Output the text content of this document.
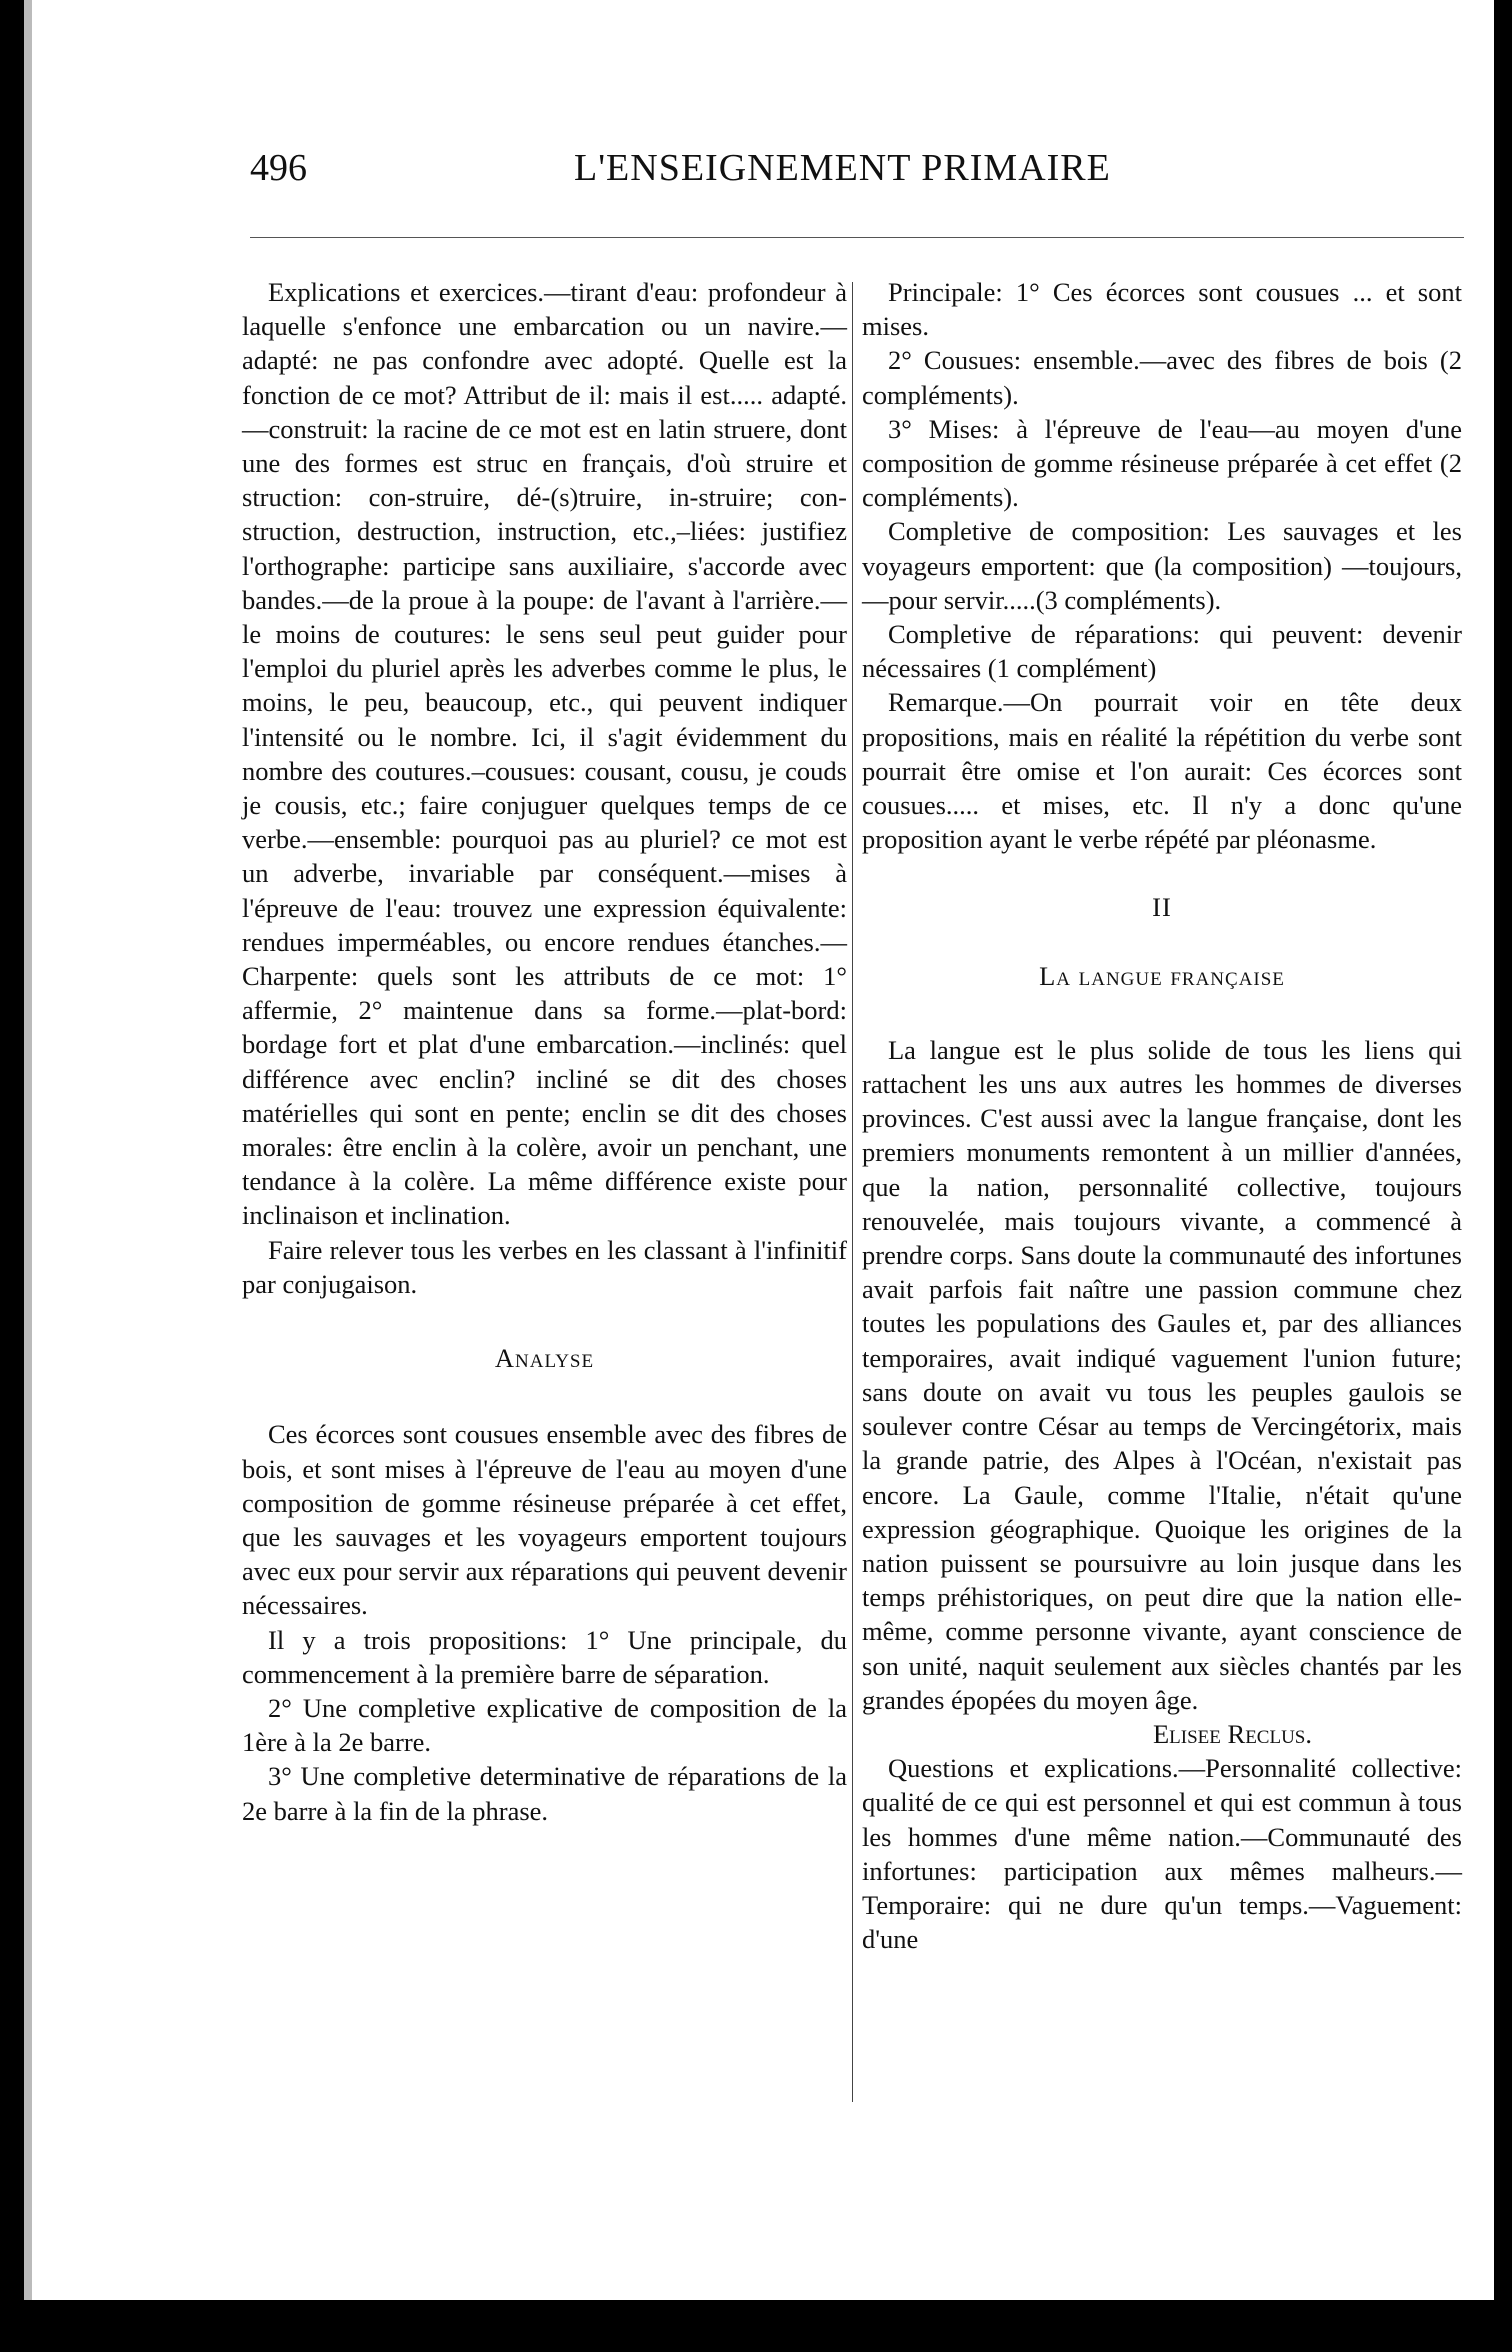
496	L'ENSEIGNEMENT PRIMAIRE

Explications et exercices.—tirant d'eau: profondeur à laquelle s'enfonce une embarcation ou un navire.—adapté: ne pas confondre avec adopté. Quelle est la fonction de ce mot? Attribut de il: mais il est..... adapté.—construit: la racine de ce mot est en latin struere, dont une des formes est struc en français, d'où struire et struction: con-struire, dé-(s)truire, in-struire; con-struction, destruction, instruction, etc.,–liées: justifiez l'orthographe: participe sans auxiliaire, s'accorde avec bandes.—de la proue à la poupe: de l'avant à l'arrière.—le moins de coutures: le sens seul peut guider pour l'emploi du pluriel après les adverbes comme le plus, le moins, le peu, beaucoup, etc., qui peuvent indiquer l'intensité ou le nombre. Ici, il s'agit évidemment du nombre des coutures.–cousues: cousant, cousu, je couds je cousis, etc.; faire conjuguer quelques temps de ce verbe.—ensemble: pourquoi pas au pluriel? ce mot est un adverbe, invariable par conséquent.—mises à l'épreuve de l'eau: trouvez une expression équivalente: rendues imperméables, ou encore rendues étanches.—Charpente: quels sont les attributs de ce mot: 1° affermie, 2° maintenue dans sa forme.—plat-bord: bordage fort et plat d'une embarcation.—inclinés: quel différence avec enclin? incliné se dit des choses matérielles qui sont en pente; enclin se dit des choses morales: être enclin à la colère, avoir un penchant, une tendance à la colère. La même différence existe pour inclinaison et inclination.

Faire relever tous les verbes en les classant à l'infinitif par conjugaison.

Analyse

Ces écorces sont cousues ensemble avec des fibres de bois, et sont mises à l'épreuve de l'eau au moyen d'une composition de gomme résineuse préparée à cet effet, que les sauvages et les voyageurs emportent toujours avec eux pour servir aux réparations qui peuvent devenir nécessaires.

Il y a trois propositions: 1° Une principale, du commencement à la première barre de séparation.

2° Une completive explicative de composition de la 1ère à la 2e barre.

3° Une completive determinative de réparations de la 2e barre à la fin de la phrase.

Principale: 1° Ces écorces sont cousues ... et sont mises.

2° Cousues: ensemble.—avec des fibres de bois (2 compléments).

3° Mises: à l'épreuve de l'eau—au moyen d'une composition de gomme résineuse préparée à cet effet (2 compléments).

Completive de composition: Les sauvages et les voyageurs emportent: que (la composition) —toujours,—pour servir.....(3 compléments).

Completive de réparations: qui peuvent: devenir nécessaires (1 complément)

Remarque.—On pourrait voir en tête deux propositions, mais en réalité la répétition du verbe sont pourrait être omise et l'on aurait: Ces écorces sont cousues..... et mises, etc. Il n'y a donc qu'une proposition ayant le verbe répété par pléonasme.

II

La langue française

La langue est le plus solide de tous les liens qui rattachent les uns aux autres les hommes de diverses provinces. C'est aussi avec la langue française, dont les premiers monuments remontent à un millier d'années, que la nation, personnalité collective, toujours renouvelée, mais toujours vivante, a commencé à prendre corps. Sans doute la communauté des infortunes avait parfois fait naître une passion commune chez toutes les populations des Gaules et, par des alliances temporaires, avait indiqué vaguement l'union future; sans doute on avait vu tous les peuples gaulois se soulever contre César au temps de Vercingétorix, mais la grande patrie, des Alpes à l'Océan, n'existait pas encore. La Gaule, comme l'Italie, n'était qu'une expression géographique. Quoique les origines de la nation puissent se poursuivre au loin jusque dans les temps préhistoriques, on peut dire que la nation elle-même, comme personne vivante, ayant conscience de son unité, naquit seulement aux siècles chantés par les grandes épopées du moyen âge.

Elisee Reclus.

Questions et explications.—Personnalité collective: qualité de ce qui est personnel et qui est commun à tous les hommes d'une même nation.—Communauté des infortunes: participation aux mêmes malheurs.—Temporaire: qui ne dure qu'un temps.—Vaguement: d'une
